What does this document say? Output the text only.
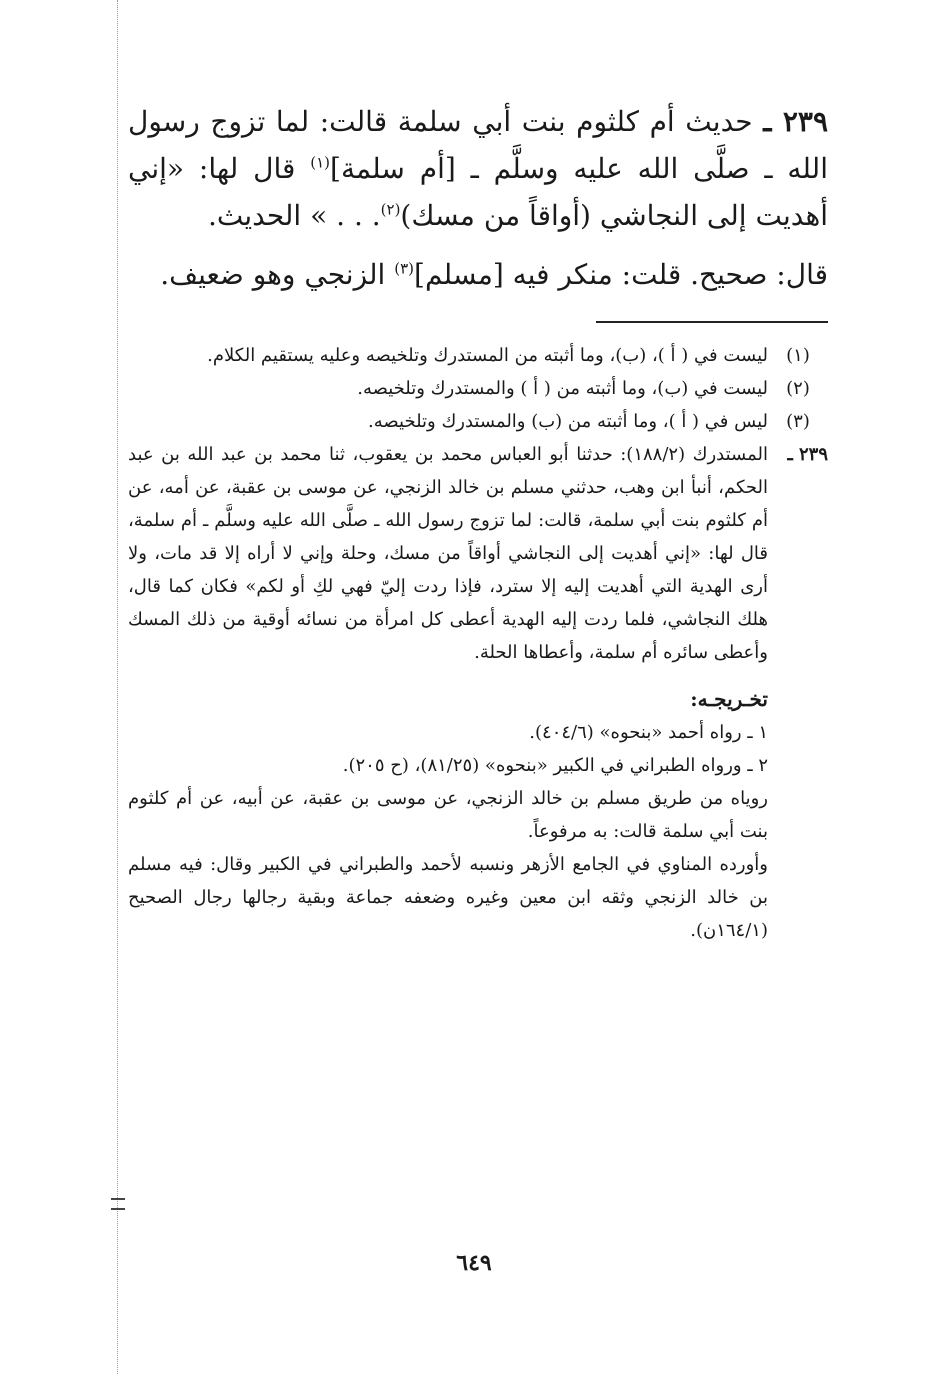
٢٣٩ ـ حديث أم كلثوم بنت أبي سلمة قالت: لما تزوج رسول الله ـ صلَّى الله عليه وسلَّم ـ [أم سلمة]$^{(١)}$ قال لها: «إني أهديت إلى النجاشي (أواقاً من مسك)$^{(٢)}$. . . » الحديث.

قال: صحيح. قلت: منكر فيه [مسلم]$^{(٣)}$ الزنجي وهو ضعيف.

(١)
ليست في ( أ )، (ب)، وما أثبته من المستدرك وتلخيصه وعليه يستقيم الكلام.
(٢)
ليست في (ب)، وما أثبته من ( أ ) والمستدرك وتلخيصه.
(٣)
ليس في ( أ )، وما أثبته من (ب) والمستدرك وتلخيصه.
٢٣٩ ـ
المستدرك (١٨٨/٢): حدثنا أبو العباس محمد بن يعقوب، ثنا محمد بن عبد الله بن عبد الحكم، أنبأ ابن وهب، حدثني مسلم بن خالد الزنجي، عن موسى بن عقبة، عن أمه، عن أم كلثوم بنت أبي سلمة، قالت: لما تزوج رسول الله ـ صلَّى الله عليه وسلَّم ـ أم سلمة، قال لها: «إني أهديت إلى النجاشي أواقاً من مسك، وحلة وإني لا أراه إلا قد مات، ولا أرى الهدية التي أهديت إليه إلا سترد، فإذا ردت إليّ فهي لكِ أو لكم» فكان كما قال، هلك النجاشي، فلما ردت إليه الهدية أعطى كل امرأة من نسائه أوقية من ذلك المسك وأعطى سائره أم سلمة، وأعطاها الحلة.

تخـريجـه:

١ ـ رواه أحمد «بنحوه» (٤٠٤/٦).

٢ ـ ورواه الطبراني في الكبير «بنحوه» (٨١/٢٥)، (ح ٢٠٥).

روياه من طريق مسلم بن خالد الزنجي، عن موسى بن عقبة، عن أبيه، عن أم كلثوم بنت أبي سلمة قالت: به مرفوعاً.

وأورده المناوي في الجامع الأزهر ونسبه لأحمد والطبراني في الكبير وقال: فيه مسلم بن خالد الزنجي وثقه ابن معين وغيره وضعفه جماعة وبقية رجالها رجال الصحيح (١٦٤/١ن).

٦٤٩
